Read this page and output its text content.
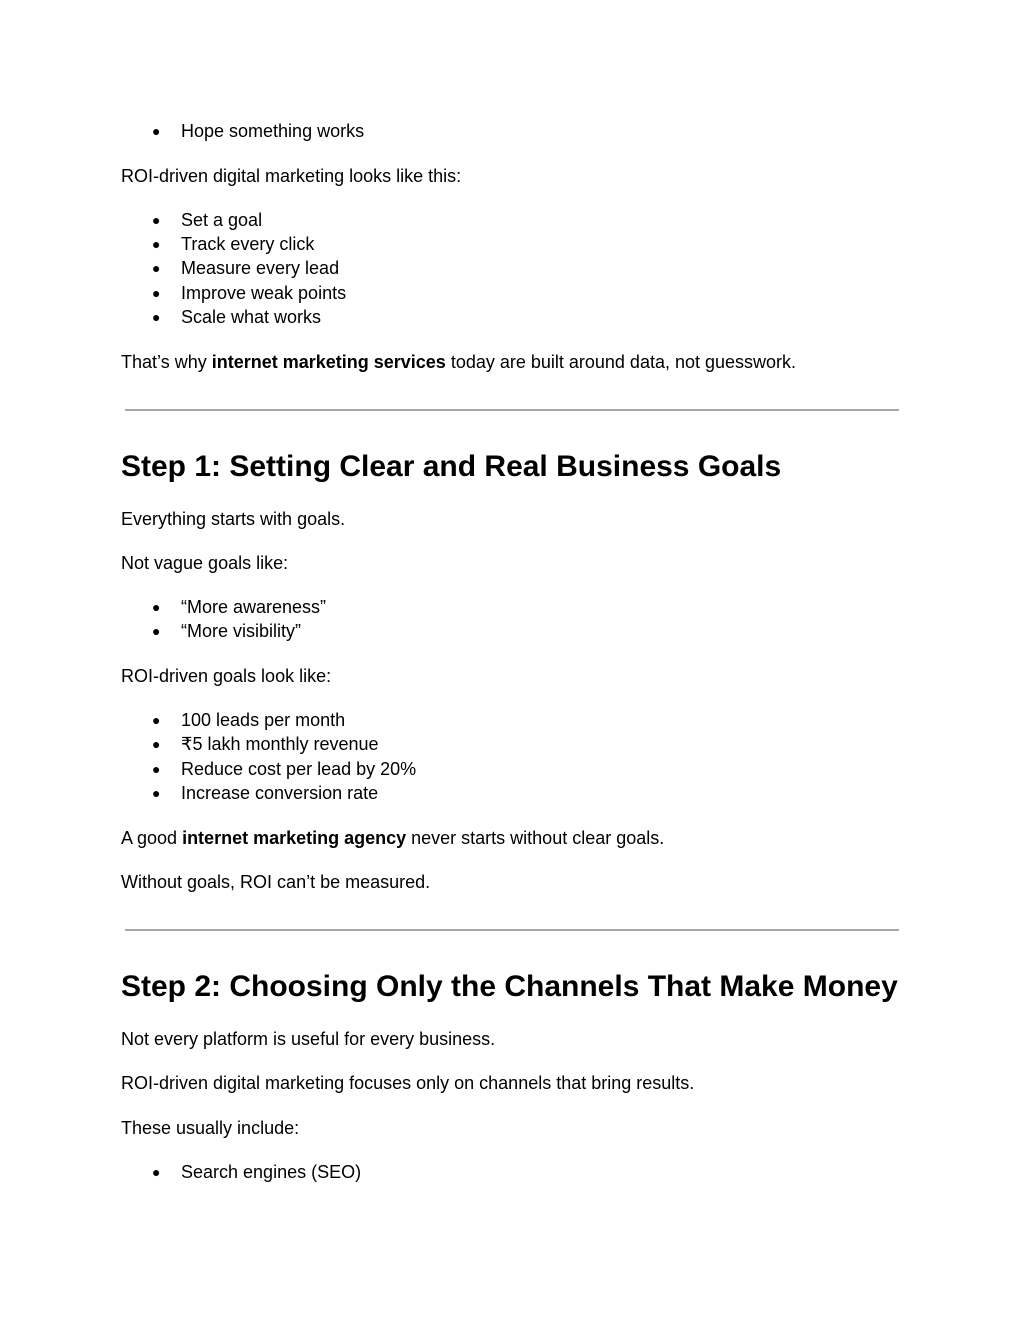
● Hope something works
ROI-driven digital marketing looks like this:
● Set a goal
● Track every click
● Measure every lead
● Improve weak points
● Scale what works
That’s why internet marketing services today are built around data, not guesswork.
Step 1: Setting Clear and Real Business Goals
Everything starts with goals.
Not vague goals like:
● “More awareness”
● “More visibility”
ROI-driven goals look like:
● 100 leads per month
● ₹5 lakh monthly revenue
● Reduce cost per lead by 20%
● Increase conversion rate
A good internet marketing agency never starts without clear goals.
Without goals, ROI can’t be measured.
Step 2: Choosing Only the Channels That Make Money
Not every platform is useful for every business.
ROI-driven digital marketing focuses only on channels that bring results.
These usually include:
● Search engines (SEO)
